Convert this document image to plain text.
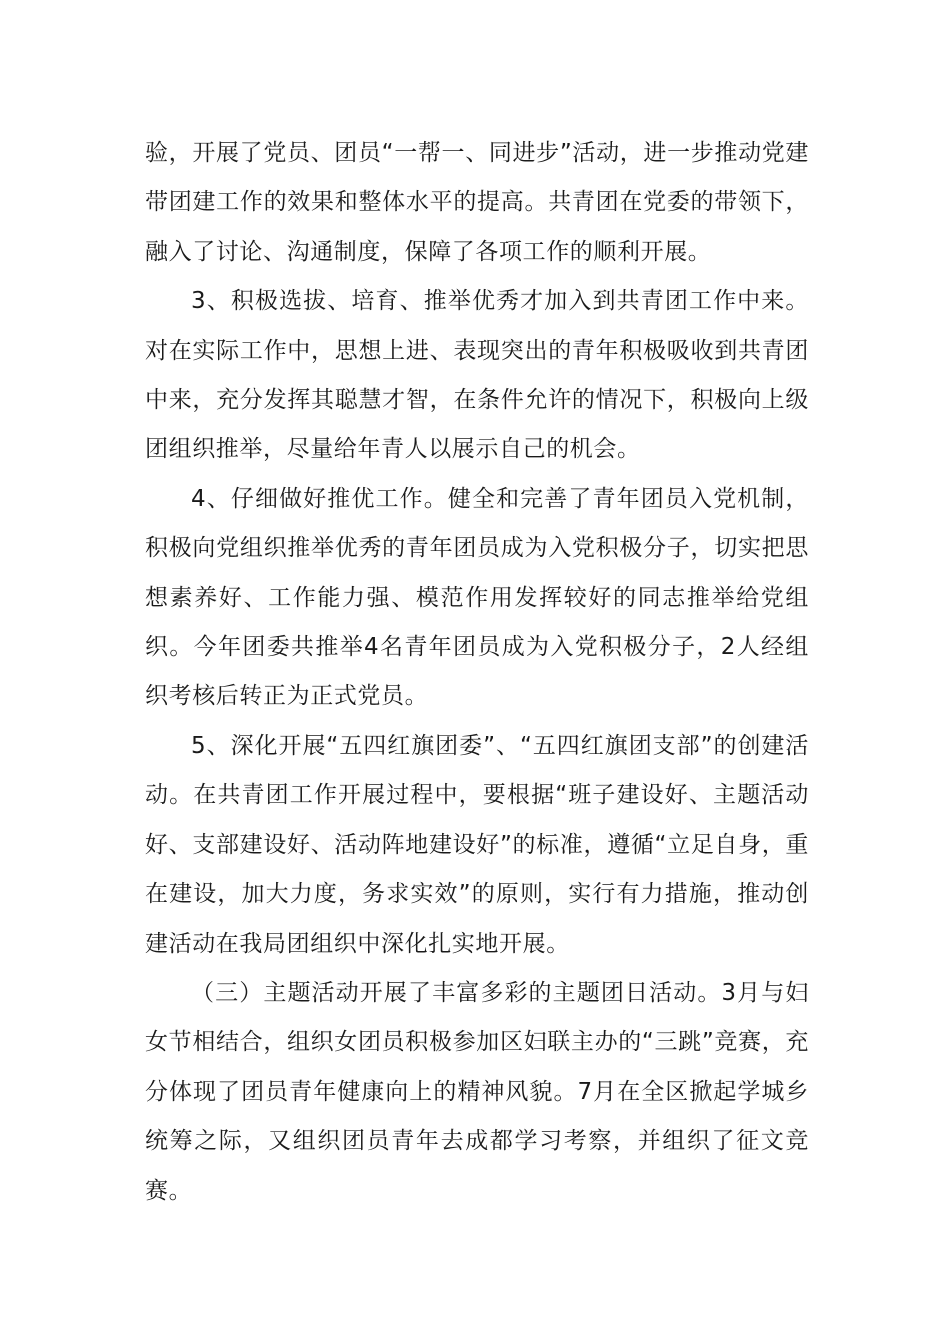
验，开展了党员、团员“一帮一、同进步”活动，进一步推动党建带团建工作的效果和整体水平的提高。共青团在党委的带领下，融入了讨论、沟通制度，保障了各项工作的顺利开展。

3、积极选拔、培育、推举优秀才加入到共青团工作中来。对在实际工作中，思想上进、表现突出的青年积极吸收到共青团中来，充分发挥其聪慧才智，在条件允许的情况下，积极向上级团组织推举，尽量给年青人以展示自己的机会。

4、仔细做好推优工作。健全和完善了青年团员入党机制，积极向党组织推举优秀的青年团员成为入党积极分子，切实把思想素养好、工作能力强、模范作用发挥较好的同志推举给党组织。今年团委共推举4名青年团员成为入党积极分子，2人经组织考核后转正为正式党员。

5、深化开展“五四红旗团委”、“五四红旗团支部”的创建活动。在共青团工作开展过程中，要根据“班子建设好、主题活动好、支部建设好、活动阵地建设好”的标准，遵循“立足自身，重在建设，加大力度，务求实效”的原则，实行有力措施，推动创建活动在我局团组织中深化扎实地开展。

（三）主题活动开展了丰富多彩的主题团日活动。3月与妇女节相结合，组织女团员积极参加区妇联主办的“三跳”竞赛，充分体现了团员青年健康向上的精神风貌。7月在全区掀起学城乡统筹之际，又组织团员青年去成都学习考察，并组织了征文竞赛。
